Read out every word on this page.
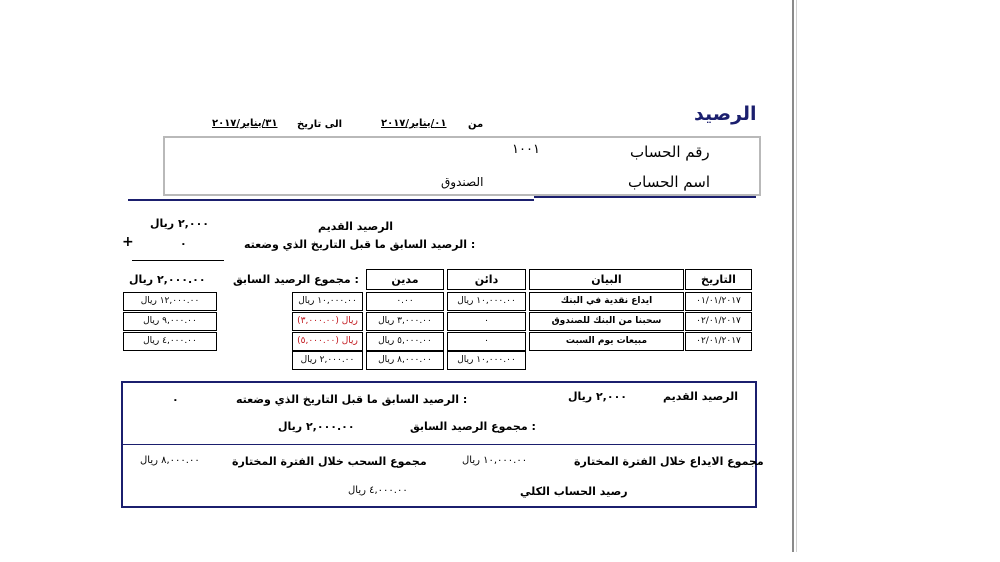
الرصيد
من
٠١/يناير/٢٠١٧
الى تاريخ
٣١/يناير/٢٠١٧
رقم الحساب
١٠٠١
اسم الحساب
الصندوق
الرصيد القديم
٢,٠٠٠ ريال
الرصيد السابق ما قبل التاريخ الذي وضعته :
٠
+
التاريخ
البيان
دائن
مدين
مجموع الرصيد السابق :
٢,٠٠٠.٠٠ ريال
٠١/٠١/٢٠١٧
ايداع نقدية في البنك
١٠,٠٠٠.٠٠ ريال
٠.٠٠
١٠,٠٠٠.٠٠ ريال
١٢,٠٠٠.٠٠ ريال
٠٢/٠١/٢٠١٧
سحبنا من البنك للصندوق
٠
٣,٠٠٠.٠٠ ريال
(٣,٠٠٠.٠٠) ريال
٩,٠٠٠.٠٠ ريال
٠٢/٠١/٢٠١٧
مبيعات يوم السبت
٠
٥,٠٠٠.٠٠ ريال
(٥,٠٠٠.٠٠) ريال
٤,٠٠٠.٠٠ ريال
١٠,٠٠٠.٠٠ ريال
٨,٠٠٠.٠٠ ريال
٢,٠٠٠.٠٠ ريال
الرصيد القديم
٢,٠٠٠ ريال
الرصيد السابق ما قبل التاريخ الذي وضعته :
٠
مجموع الرصيد السابق :
٢,٠٠٠.٠٠ ريال
مجموع الايداع خلال الفترة المختارة
١٠,٠٠٠.٠٠ ريال
مجموع السحب خلال الفترة المختارة
٨,٠٠٠.٠٠ ريال
رصيد الحساب الكلي
٤,٠٠٠.٠٠ ريال
